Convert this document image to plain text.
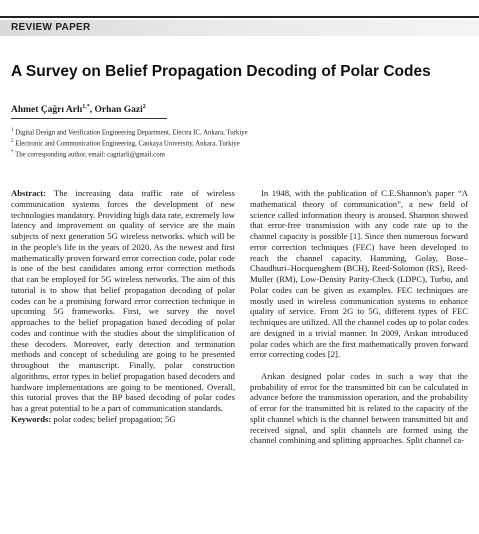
REVIEW PAPER
A Survey on Belief Propagation Decoding of Polar Codes
Ahmet Çağrı Arlı$^{1,*}$, Orhan Gazi$^2$
$^1$ Digital Design and Verification Engineering Department, Electra IC, Ankara, Turkiye
$^2$ Electronic and Communication Engineering, Cankaya University, Ankara, Turkiye
* The corresponding author, email: cagriarli@gmail.com

Abstract: The increasing data traffic rate of wireless communication systems forces the development of new technologies mandatory. Providing high data rate, extremely low latency and improvement on quality of service are the main subjects of next generation 5G wireless networks. which will be in the people's life in the years of 2020. As the newest and first mathematically proven forward error correction code, polar code is one of the best candidates among error correction methods that can be employed for 5G wireless networks. The aim of this tutorial is to show that belief propagation decoding of polar codes can be a promising forward error correction technique in upcoming 5G frameworks. First, we survey the novel approaches to the belief propagation based decoding of polar codes and continue with the studies about the simplification of these decoders. Moreover, early detection and termination methods and concept of scheduling are going to be presented throughout the manuscript. Finally, polar construction algorithms, error types in belief propagation based decoders and hardware implementations are going to be mentioned. Overall, this tutorial proves that the BP based decoding of polar codes has a great potential to be a part of communication standards.

Keywords: polar codes; belief propagation; 5G

In 1948, with the publication of C.E.Shannon's paper “A mathematical theory of communication”, a new field of science called information theory is aroused. Shannon showed that error-free transmission with any code rate up to the channel capacity is possible [1]. Since then numerous forward error correction techniques (FEC) have been developed to reach the channel capacity. Hamming, Golay, Bose–Chaudhuri–Hocquenghem (BCH), Reed-Solomon (RS), Reed-Muller (RM), Low-Density Parity-Check (LDPC), Turbo, and Polar codes can be given as examples. FEC techniques are mostly used in wireless communication systems to enhance quality of service. From 2G to 5G, different types of FEC techniques are utilized. All the channel codes up to polar codes are designed in a trivial manner. In 2009, Arıkan introduced polar codes which are the first mathematically proven forward error correcting codes [2].

Arıkan designed polar codes in such a way that the probability of error for the transmitted bit can be calculated in advance before the transmission operation, and the probability of error for the transmitted bit is related to the capacity of the split channel which is the channel between transmitted bit and received signal, and split channels are formed using the channel combining and splitting approaches. Split channel ca-
